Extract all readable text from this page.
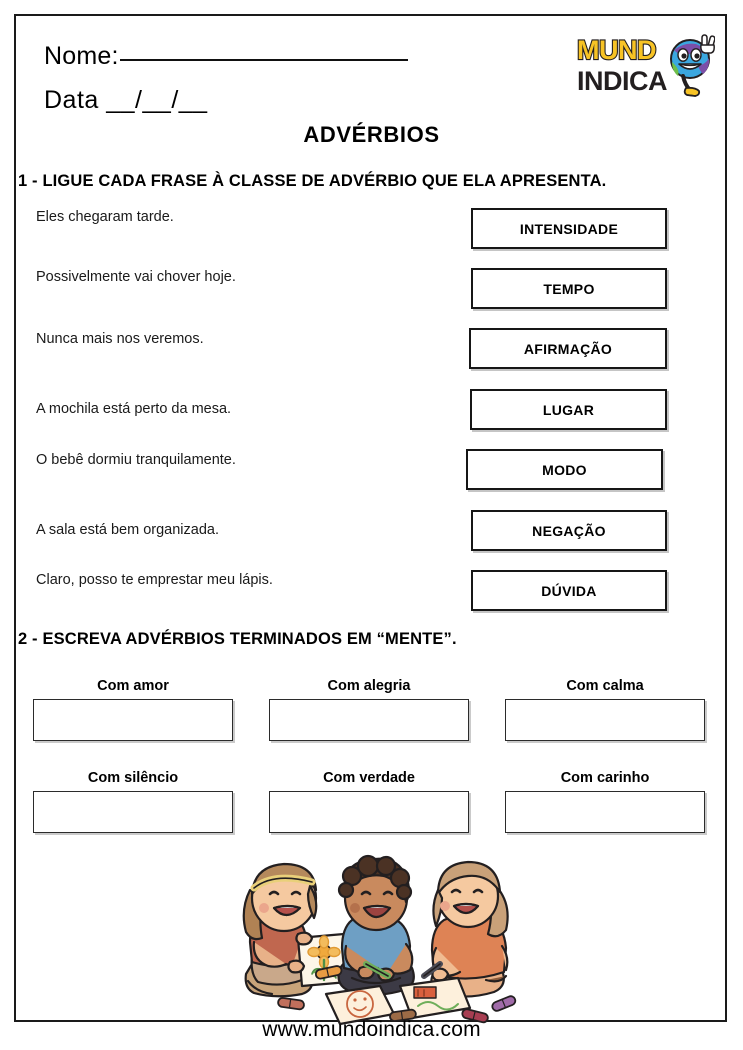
Nome:
Data __/__/__
MUND
INDICA
ADVÉRBIOS
1 - LIGUE CADA FRASE À CLASSE DE ADVÉRBIO QUE ELA APRESENTA.
Eles chegaram tarde.
Possivelmente vai chover hoje.
Nunca mais nos veremos.
A mochila está perto da mesa.
O bebê dormiu tranquilamente.
A sala está bem organizada.
Claro, posso te emprestar meu lápis.
INTENSIDADE
TEMPO
AFIRMAÇÃO
LUGAR
MODO
NEGAÇÃO
DÚVIDA
2 - ESCREVA ADVÉRBIOS TERMINADOS EM “MENTE”.
Com amor	Com alegria	Com calma
Com silêncio	Com verdade	Com carinho
www.mundoindica.com
